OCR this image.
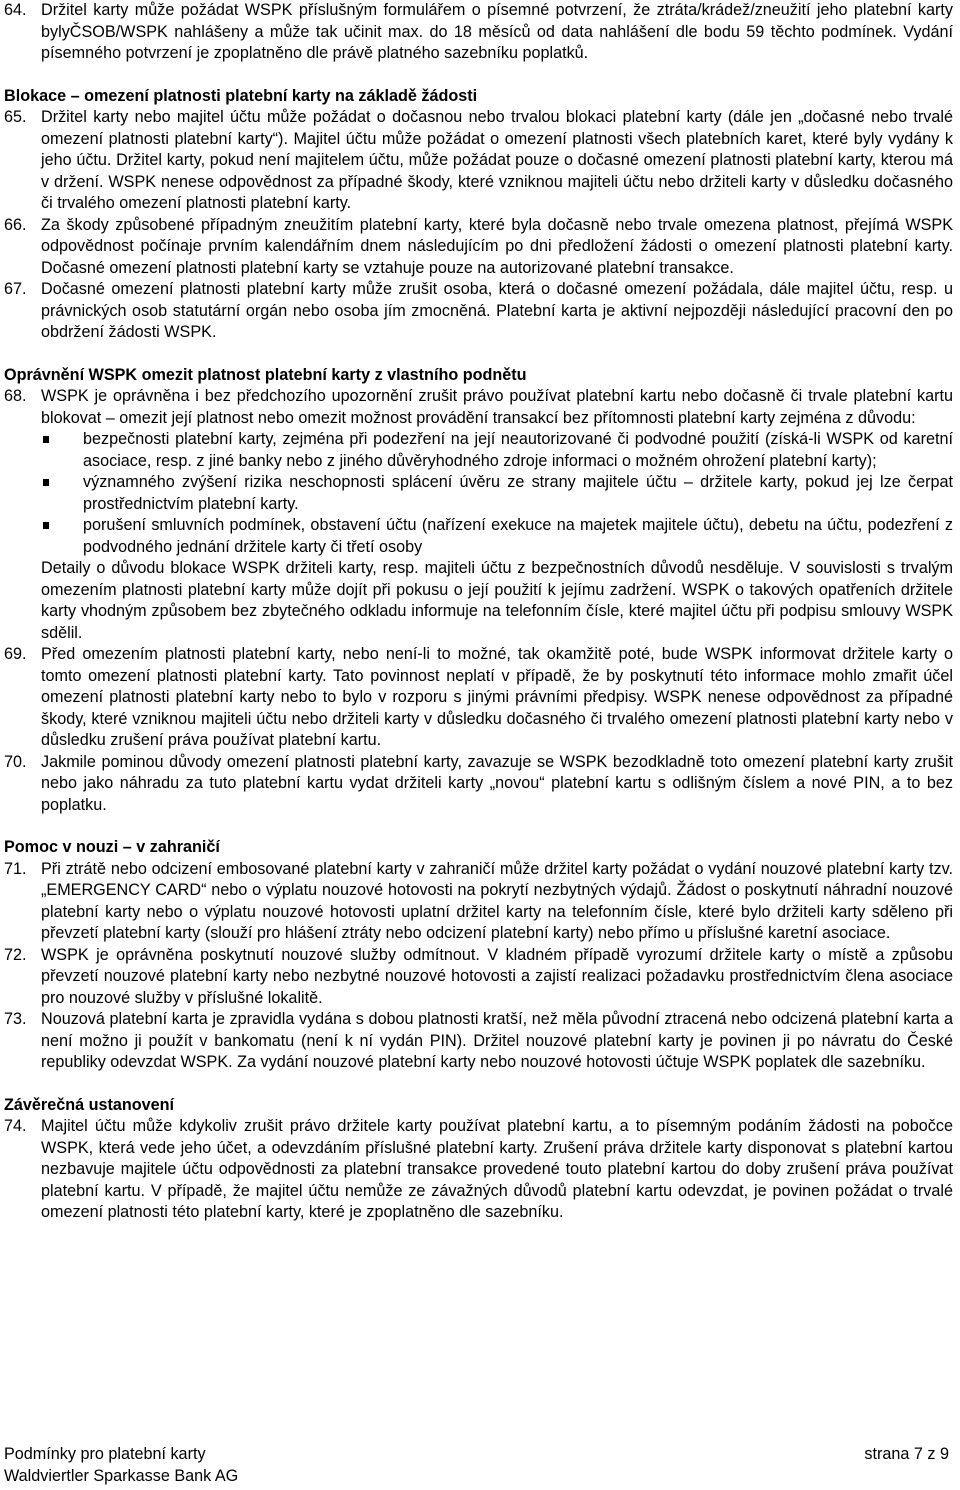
64. Držitel karty může požádat WSPK příslušným formulářem o písemné potvrzení, že ztráta/krádež/zneužití jeho platební karty bylyČSOB/WSPK nahlášeny a může tak učinit max. do 18 měsíců od data nahlášení dle bodu 59 těchto podmínek. Vydání písemného potvrzení je zpoplatněno dle právě platného sazebníku poplatků.

Blokace – omezení platnosti platební karty na základě žádosti

65. Držitel karty nebo majitel účtu může požádat o dočasnou nebo trvalou blokaci platební karty (dále jen „dočasné nebo trvalé omezení platnosti platební karty“). Majitel účtu může požádat o omezení platnosti všech platebních karet, které byly vydány k jeho účtu. Držitel karty, pokud není majitelem účtu, může požádat pouze o dočasné omezení platnosti platební karty, kterou má v držení. WSPK nenese odpovědnost za případné škody, které vzniknou majiteli účtu nebo držiteli karty v důsledku dočasného či trvalého omezení platnosti platební karty.

66. Za škody způsobené případným zneužitím platební karty, které byla dočasně nebo trvale omezena platnost, přejímá WSPK odpovědnost počínaje prvním kalendářním dnem následujícím po dni předložení žádosti o omezení platnosti platební karty. Dočasné omezení platnosti platební karty se vztahuje pouze na autorizované platební transakce.

67. Dočasné omezení platnosti platební karty může zrušit osoba, která o dočasné omezení požádala, dále majitel účtu, resp. u právnických osob statutární orgán nebo osoba jím zmocněná. Platební karta je aktivní nejpozději následující pracovní den po obdržení žádosti WSPK.

Oprávnění WSPK omezit platnost platební karty z vlastního podnětu

68. WSPK je oprávněna i bez předchozího upozornění zrušit právo používat platební kartu nebo dočasně či trvale platební kartu blokovat – omezit její platnost nebo omezit možnost provádění transakcí bez přítomnosti platební karty zejména z důvodu:

bezpečnosti platební karty, zejména při podezření na její neautorizované či podvodné použití (získá-li WSPK od karetní asociace, resp. z jiné banky nebo z jiného důvěryhodného zdroje informaci o možném ohrožení platební karty);
významného zvýšení rizika neschopnosti splácení úvěru ze strany majitele účtu – držitele karty, pokud jej lze čerpat prostřednictvím platební karty.
porušení smluvních podmínek, obstavení účtu (nařízení exekuce na majetek majitele účtu), debetu na účtu, podezření z podvodného jednání držitele karty či třetí osoby

Detaily o důvodu blokace WSPK držiteli karty, resp. majiteli účtu z bezpečnostních důvodů nesděluje. V souvislosti s trvalým omezením platnosti platební karty může dojít při pokusu o její použití k jejímu zadržení. WSPK o takových opatřeních držitele karty vhodným způsobem bez zbytečného odkladu informuje na telefonním čísle, které majitel účtu při podpisu smlouvy WSPK sdělil.

69. Před omezením platnosti platební karty, nebo není-li to možné, tak okamžitě poté, bude WSPK informovat držitele karty o tomto omezení platnosti platební karty. Tato povinnost neplatí v případě, že by poskytnutí této informace mohlo zmařit účel omezení platnosti platební karty nebo to bylo v rozporu s jinými právními předpisy. WSPK nenese odpovědnost za případné škody, které vzniknou majiteli účtu nebo držiteli karty v důsledku dočasného či trvalého omezení platnosti platební karty nebo v důsledku zrušení práva používat platební kartu.

70. Jakmile pominou důvody omezení platnosti platební karty, zavazuje se WSPK bezodkladně toto omezení platební karty zrušit nebo jako náhradu za tuto platební kartu vydat držiteli karty „novou“ platební kartu s odlišným číslem a nové PIN, a to bez poplatku.

Pomoc v nouzi – v zahraničí

71. Při ztrátě nebo odcizení embosované platební karty v zahraničí může držitel karty požádat o vydání nouzové platební karty tzv. „EMERGENCY CARD“ nebo o výplatu nouzové hotovosti na pokrytí nezbytných výdajů. Žádost o poskytnutí náhradní nouzové platební karty nebo o výplatu nouzové hotovosti uplatní držitel karty na telefonním čísle, které bylo držiteli karty sděleno při převzetí platební karty (slouží pro hlášení ztráty nebo odcizení platební karty) nebo přímo u příslušné karetní asociace.

72. WSPK je oprávněna poskytnutí nouzové služby odmítnout. V kladném případě vyrozumí držitele karty o místě a způsobu převzetí nouzové platební karty nebo nezbytné nouzové hotovosti a zajistí realizaci požadavku prostřednictvím člena asociace pro nouzové služby v příslušné lokalitě.

73. Nouzová platební karta je zpravidla vydána s dobou platnosti kratší, než měla původní ztracená nebo odcizená platební karta a není možno ji použít v bankomatu (není k ní vydán PIN). Držitel nouzové platební karty je povinen ji po návratu do České republiky odevzdat WSPK. Za vydání nouzové platební karty nebo nouzové hotovosti účtuje WSPK poplatek dle sazebníku.

Závěrečná ustanovení

74. Majitel účtu může kdykoliv zrušit právo držitele karty používat platební kartu, a to písemným podáním žádosti na pobočce WSPK, která vede jeho účet, a odevzdáním příslušné platební karty. Zrušení práva držitele karty disponovat s platební kartou nezbavuje majitele účtu odpovědnosti za platební transakce provedené touto platební kartou do doby zrušení práva používat platební kartu. V případě, že majitel účtu nemůže ze závažných důvodů platební kartu odevzdat, je povinen požádat o trvalé omezení platnosti této platební karty, které je zpoplatněno dle sazebníku.

Podmínky pro platební karty	strana 7 z 9
Waldviertler Sparkasse Bank AG
